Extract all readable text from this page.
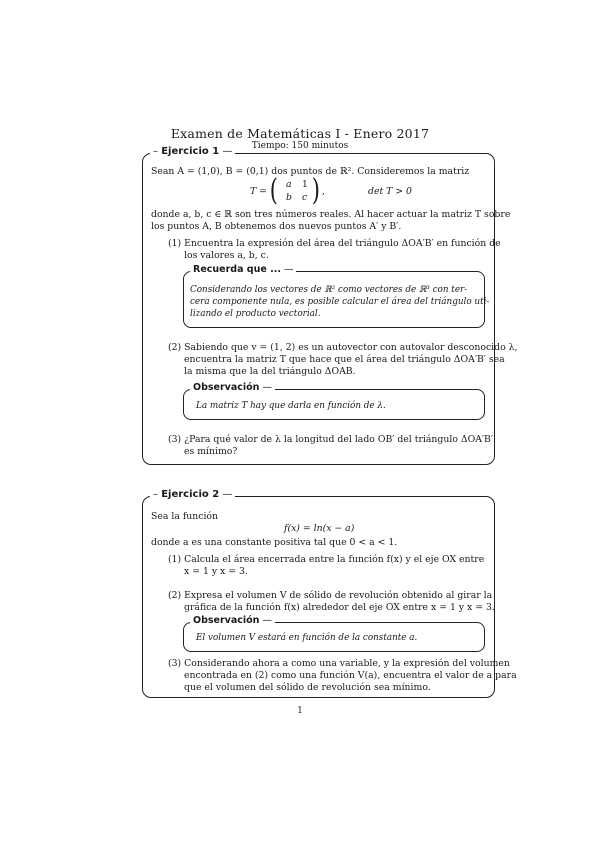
Examen de Matemáticas I - Enero 2017
Tiempo: 150 minutos
– Ejercicio 1 —
Sean A = (1,0), B = (0,1) dos puntos de ℝ². Consideremos la matriz
T = ( a 1
b c ) ,	det T > 0
donde a, b, c ∈ ℝ son tres números reales. Al hacer actuar la matriz T sobre
los puntos A, B obtenemos dos nuevos puntos A′ y B′.
(1) Encuentra la expresión del área del triángulo ΔOA′B′ en función de
los valores a, b, c.
Recuerda que ... —
Considerando los vectores de ℝ² como vectores de ℝ³ con ter-
cera componente nula, es posible calcular el área del triángulo uti-
lizando el producto vectorial.
(2) Sabiendo que v = (1, 2) es un autovector con autovalor desconocido λ,
encuentra la matriz T que hace que el área del triángulo ΔOA′B′ sea
la misma que la del triángulo ΔOAB.
Observación —
La matriz T hay que darla en función de λ.
(3) ¿Para qué valor de λ la longitud del lado OB′ del triángulo ΔOA′B′
es mínimo?
– Ejercicio 2 —
Sea la función
f(x) = ln(x − a)
donde a es una constante positiva tal que 0 < a < 1.
(1) Calcula el área encerrada entre la función f(x) y el eje OX entre
x = 1 y x = 3.
(2) Expresa el volumen V de sólido de revolución obtenido al girar la
gráfica de la función f(x) alrededor del eje OX entre x = 1 y x = 3.
Observación —
El volumen V estará en función de la constante a.
(3) Considerando ahora a como una variable, y la expresión del volumen
encontrada en (2) como una función V(a), encuentra el valor de a para
que el volumen del sólido de revolución sea mínimo.
1
